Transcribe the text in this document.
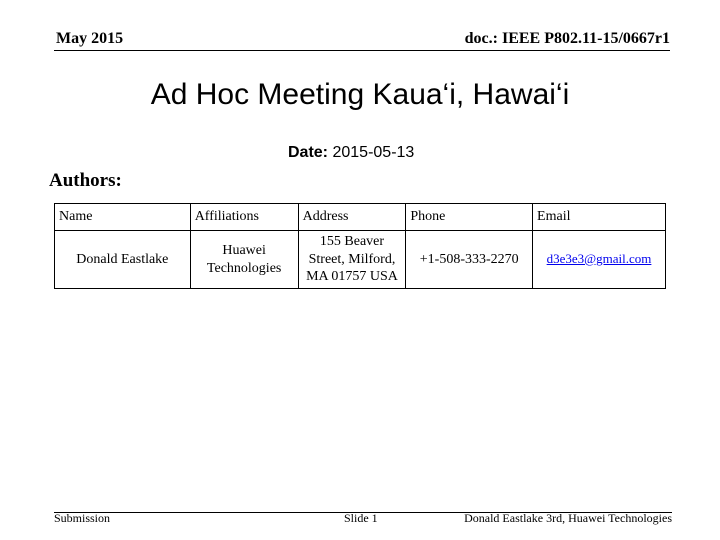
May 2015	doc.: IEEE P802.11-15/0667r1
Ad Hoc Meeting Kaua‘i, Hawai‘i
Date: 2015-05-13
Authors:
Name	Affiliations	Address	Phone	Email
Donald Eastlake	Huawei Technologies	155 Beaver Street, Milford, MA 01757 USA	+1-508-333-2270	d3e3e3@gmail.com
Submission	Slide 1	Donald Eastlake 3rd, Huawei Technologies
